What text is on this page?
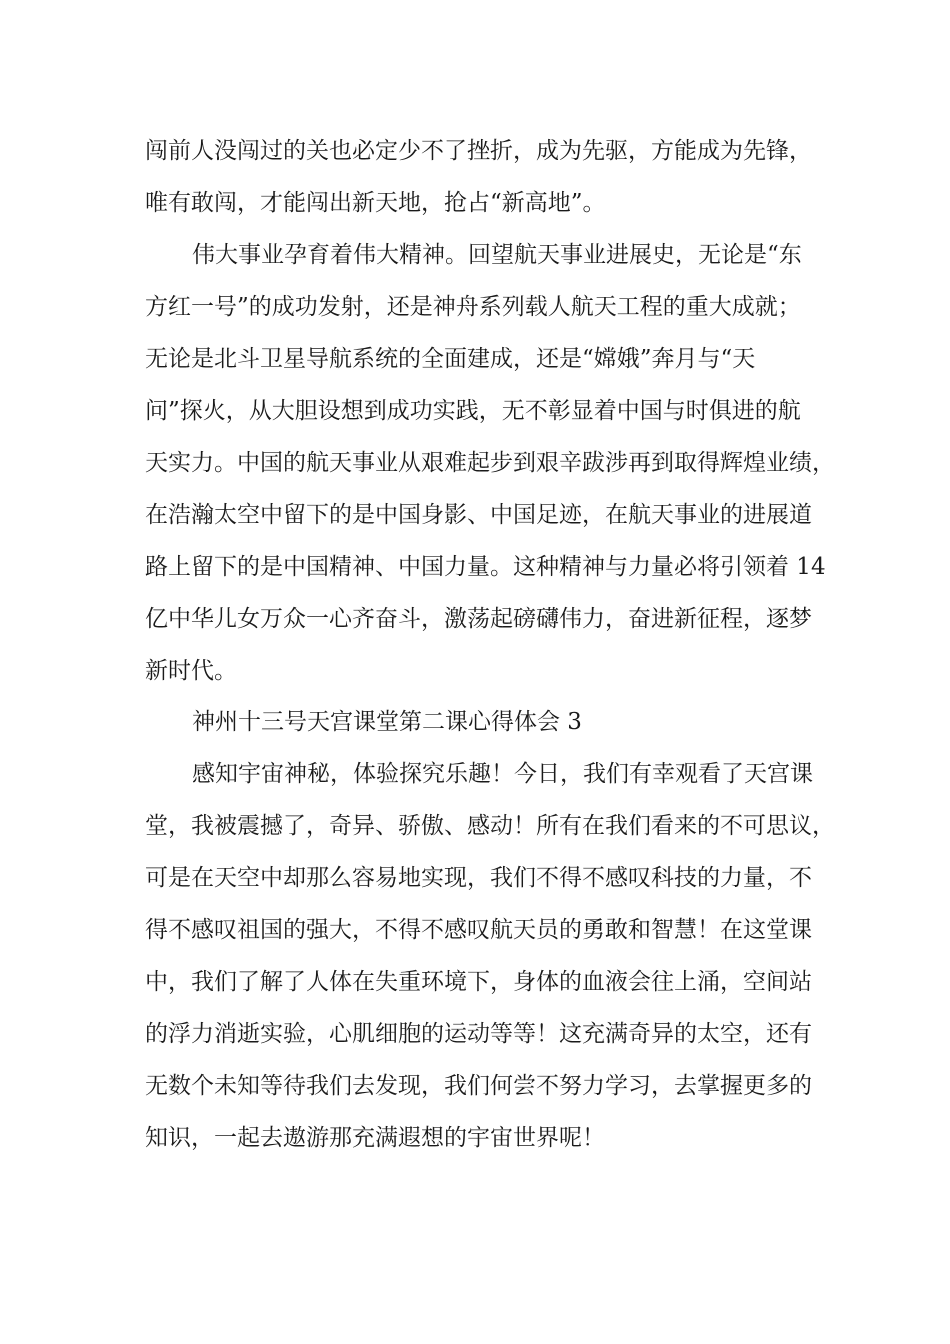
闯前人没闯过的关也必定少不了挫折，成为先驱，方能成为先锋，
唯有敢闯，才能闯出新天地，抢占“新高地”。
伟大事业孕育着伟大精神。回望航天事业进展史，无论是“东
方红一号”的成功发射，还是神舟系列载人航天工程的重大成就；
无论是北斗卫星导航系统的全面建成，还是“嫦娥”奔月与“天
问”探火，从大胆设想到成功实践，无不彰显着中国与时俱进的航
天实力。中国的航天事业从艰难起步到艰辛跋涉再到取得辉煌业绩，
在浩瀚太空中留下的是中国身影、中国足迹，在航天事业的进展道
路上留下的是中国精神、中国力量。这种精神与力量必将引领着 14
亿中华儿女万众一心齐奋斗，激荡起磅礴伟力，奋进新征程，逐梦
新时代。
神州十三号天宫课堂第二课心得体会 3
感知宇宙神秘，体验探究乐趣！今日，我们有幸观看了天宫课
堂，我被震撼了，奇异、骄傲、感动！所有在我们看来的不可思议，
可是在天空中却那么容易地实现，我们不得不感叹科技的力量，不
得不感叹祖国的强大，不得不感叹航天员的勇敢和智慧！在这堂课
中，我们了解了人体在失重环境下，身体的血液会往上涌，空间站
的浮力消逝实验，心肌细胞的运动等等！这充满奇异的太空，还有
无数个未知等待我们去发现，我们何尝不努力学习，去掌握更多的
知识，一起去遨游那充满遐想的宇宙世界呢！
